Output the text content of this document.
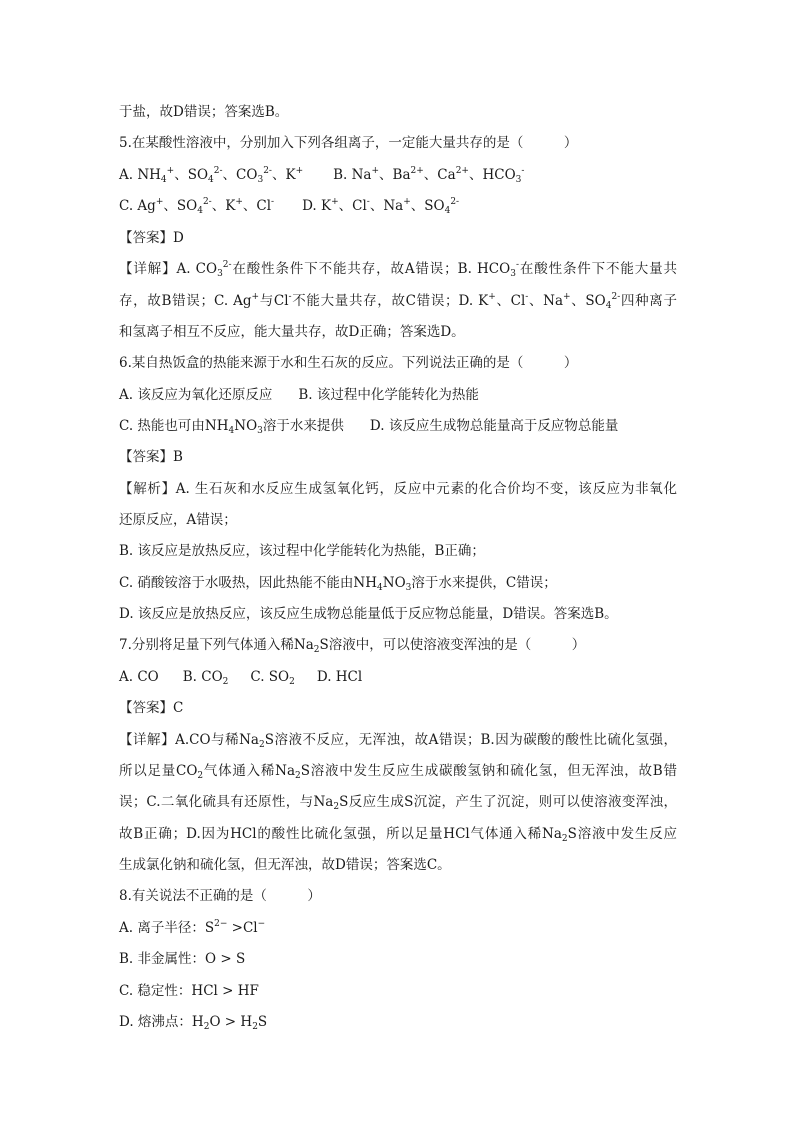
于盐，故D错误；答案选B。
5.在某酸性溶液中，分别加入下列各组离子，一定能大量共存的是（　　　）
A. $NH_4^+$、$SO_4^{2-}$、$CO_3^{2-}$、K+ B. Na+、$Ba^{2+}$、$Ca^{2+}$、$HCO_3^-$
C. Ag+、$SO_4^{2-}$、K+、Cl- D. K+、Cl-、Na+、$SO_4^{2-}$
【答案】D
【详解】A. $CO_3^{2-}$在酸性条件下不能共存，故A错误；B. $HCO_3^-$在酸性条件下不能大量共
存，故B错误；C. Ag+与Cl-不能大量共存，故C错误；D. K+、Cl-、Na+、$SO_4^{2-}$四种离子
和氢离子相互不反应，能大量共存，故D正确；答案选D。
6.某自热饭盒的热能来源于水和生石灰的反应。下列说法正确的是（　　　）
A. 该反应为氧化还原反应 B. 该过程中化学能转化为热能
C. 热能也可由$NH_4NO_3$溶于水来提供 D. 该反应生成物总能量高于反应物总能量
【答案】B
【解析】A. 生石灰和水反应生成氢氧化钙，反应中元素的化合价均不变，该反应为非氧化
还原反应，A错误；
B. 该反应是放热反应，该过程中化学能转化为热能，B正确；
C. 硝酸铵溶于水吸热，因此热能不能由$NH_4NO_3$溶于水来提供，C错误；
D. 该反应是放热反应，该反应生成物总能量低于反应物总能量，D错误。答案选B。
7.分别将足量下列气体通入稀$Na_2S$溶液中，可以使溶液变浑浊的是（　　　）
A. CO B. $CO_2$ C. $SO_2$ D. HCl
【答案】C
【详解】A.CO与稀$Na_2S$溶液不反应，无浑浊，故A错误；B.因为碳酸的酸性比硫化氢强，
所以足量$CO_2$气体通入稀$Na_2S$溶液中发生反应生成碳酸氢钠和硫化氢，但无浑浊，故B错
误；C.二氧化硫具有还原性，与$Na_2S$反应生成S沉淀，产生了沉淀，则可以使溶液变浑浊，
故B正确；D.因为HCl的酸性比硫化氢强，所以足量HCl气体通入稀$Na_2S$溶液中发生反应
生成氯化钠和硫化氢，但无浑浊，故D错误；答案选C。
8.有关说法不正确的是（　　　）
A. 离子半径：$S^{2-} >Cl^-$
B. 非金属性：O > S
C. 稳定性：HCl > HF
D. 熔沸点：$H_2O > H_2S$
